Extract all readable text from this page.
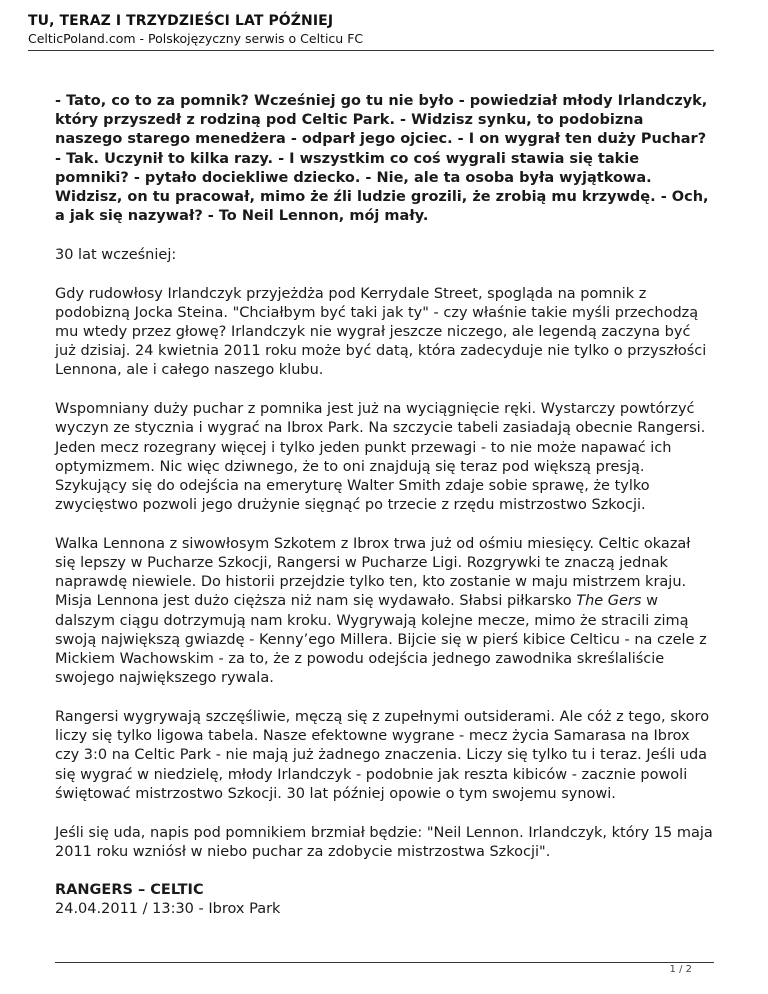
TU, TERAZ I TRZYDZIEŚCI LAT PÓŹNIEJ
CelticPoland.com - Polskojęzyczny serwis o Celticu FC

- Tato, co to za pomnik? Wcześniej go tu nie było - powiedział młody Irlandczyk, który przyszedł z rodziną pod Celtic Park. - Widzisz synku, to podobizna naszego starego menedżera - odparł jego ojciec. - I on wygrał ten duży Puchar? - Tak. Uczynił to kilka razy. - I wszystkim co coś wygrali stawia się takie pomniki? - pytało dociekliwe dziecko. - Nie, ale ta osoba była wyjątkowa. Widzisz, on tu pracował, mimo że źli ludzie grozili, że zrobią mu krzywdę. - Och, a jak się nazywał? - To Neil Lennon, mój mały.

30 lat wcześniej:

Gdy rudowłosy Irlandczyk przyjeżdża pod Kerrydale Street, spogląda na pomnik z podobizną Jocka Steina. "Chciałbym być taki jak ty" - czy właśnie takie myśli przechodzą mu wtedy przez głowę? Irlandczyk nie wygrał jeszcze niczego, ale legendą zaczyna być już dzisiaj. 24 kwietnia 2011 roku może być datą, która zadecyduje nie tylko o przyszłości Lennona, ale i całego naszego klubu.

Wspomniany duży puchar z pomnika jest już na wyciągnięcie ręki. Wystarczy powtórzyć wyczyn ze stycznia i wygrać na Ibrox Park. Na szczycie tabeli zasiadają obecnie Rangersi. Jeden mecz rozegrany więcej i tylko jeden punkt przewagi - to nie może napawać ich optymizmem. Nic więc dziwnego, że to oni znajdują się teraz pod większą presją. Szykujący się do odejścia na emeryturę Walter Smith zdaje sobie sprawę, że tylko zwycięstwo pozwoli jego drużynie sięgnąć po trzecie z rzędu mistrzostwo Szkocji.

Walka Lennona z siwowłosym Szkotem z Ibrox trwa już od ośmiu miesięcy. Celtic okazał się lepszy w Pucharze Szkocji, Rangersi w Pucharze Ligi. Rozgrywki te znaczą jednak naprawdę niewiele. Do historii przejdzie tylko ten, kto zostanie w maju mistrzem kraju. Misja Lennona jest dużo cięższa niż nam się wydawało. Słabsi piłkarsko The Gers w dalszym ciągu dotrzymują nam kroku. Wygrywają kolejne mecze, mimo że stracili zimą swoją największą gwiazdę - Kenny’ego Millera. Bijcie się w pierś kibice Celticu - na czele z Mickiem Wachowskim - za to, że z powodu odejścia jednego zawodnika skreślaliście swojego największego rywala.

Rangersi wygrywają szczęśliwie, męczą się z zupełnymi outsiderami. Ale cóż z tego, skoro liczy się tylko ligowa tabela. Nasze efektowne wygrane - mecz życia Samarasa na Ibrox czy 3:0 na Celtic Park - nie mają już żadnego znaczenia. Liczy się tylko tu i teraz. Jeśli uda się wygrać w niedzielę, młody Irlandczyk - podobnie jak reszta kibiców - zacznie powoli świętować mistrzostwo Szkocji. 30 lat później opowie o tym swojemu synowi.

Jeśli się uda, napis pod pomnikiem brzmiał będzie: "Neil Lennon. Irlandczyk, który 15 maja 2011 roku wzniósł w niebo puchar za zdobycie mistrzostwa Szkocji".

RANGERS – CELTIC
24.04.2011 / 13:30 - Ibrox Park
1 / 2
